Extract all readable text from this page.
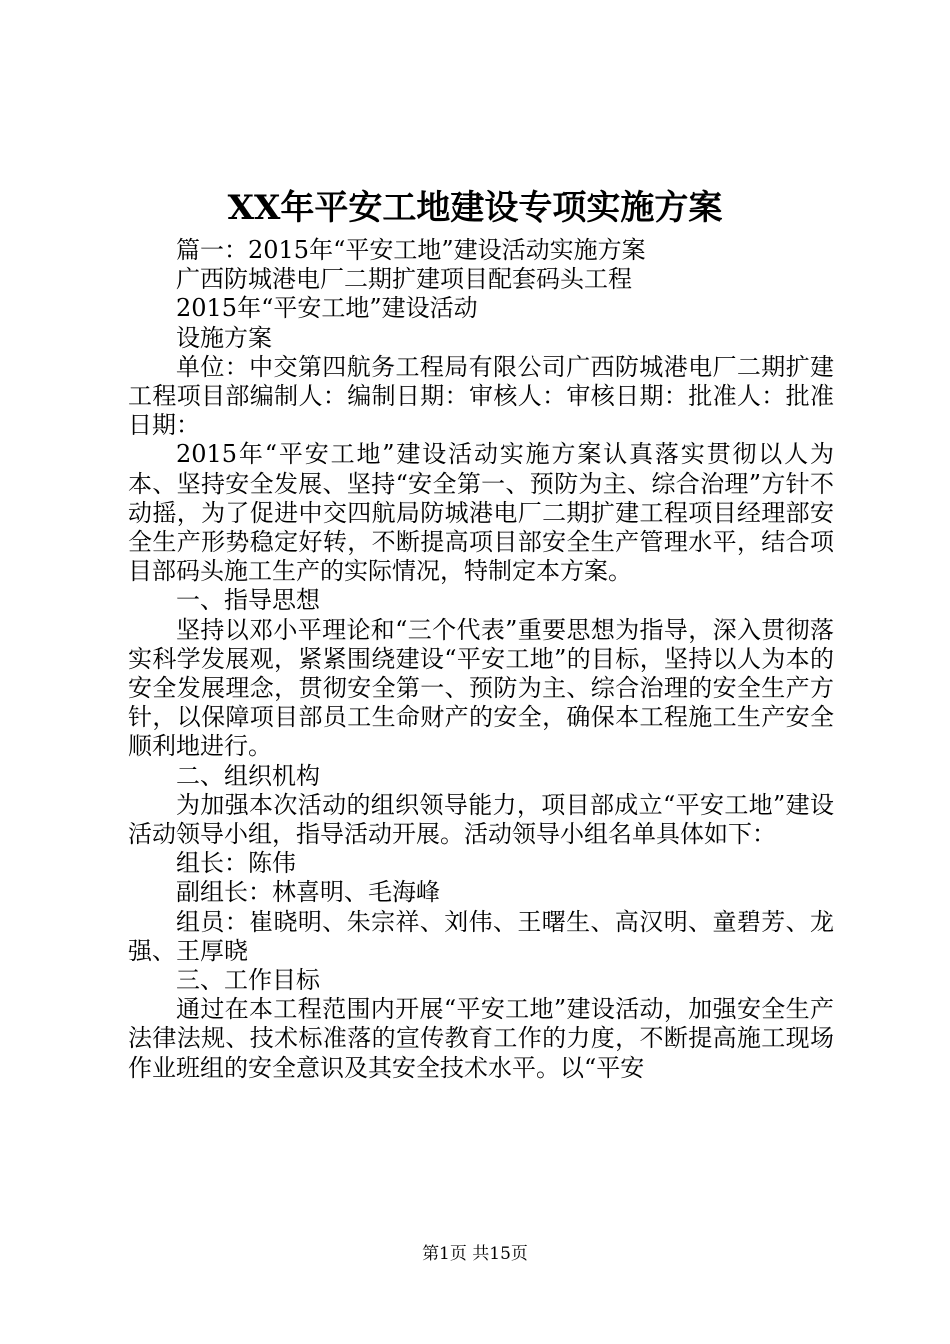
XX年平安工地建设专项实施方案

篇一：2015年“平安工地”建设活动实施方案

广西防城港电厂二期扩建项目配套码头工程

2015年“平安工地”建设活动

设施方案

单位：中交第四航务工程局有限公司广西防城港电厂二期扩建工程项目部编制人：编制日期：审核人：审核日期：批准人：批准日期：

2015年“平安工地”建设活动实施方案认真落实贯彻以人为本、坚持安全发展、坚持“安全第一、预防为主、综合治理”方针不动摇，为了促进中交四航局防城港电厂二期扩建工程项目经理部安全生产形势稳定好转，不断提高项目部安全生产管理水平，结合项目部码头施工生产的实际情况，特制定本方案。

一、指导思想

坚持以邓小平理论和“三个代表”重要思想为指导，深入贯彻落实科学发展观，紧紧围绕建设“平安工地”的目标，坚持以人为本的安全发展理念，贯彻安全第一、预防为主、综合治理的安全生产方针，以保障项目部员工生命财产的安全，确保本工程施工生产安全顺利地进行。

二、组织机构

为加强本次活动的组织领导能力，项目部成立“平安工地”建设活动领导小组，指导活动开展。活动领导小组名单具体如下：

组长：陈伟

副组长：林喜明、毛海峰

组员：崔晓明、朱宗祥、刘伟、王曙生、高汉明、童碧芳、龙强、王厚晓

三、工作目标

通过在本工程范围内开展“平安工地”建设活动，加强安全生产法律法规、技术标准落的宣传教育工作的力度，不断提高施工现场作业班组的安全意识及其安全技术水平。以“平安

第1页 共15页
